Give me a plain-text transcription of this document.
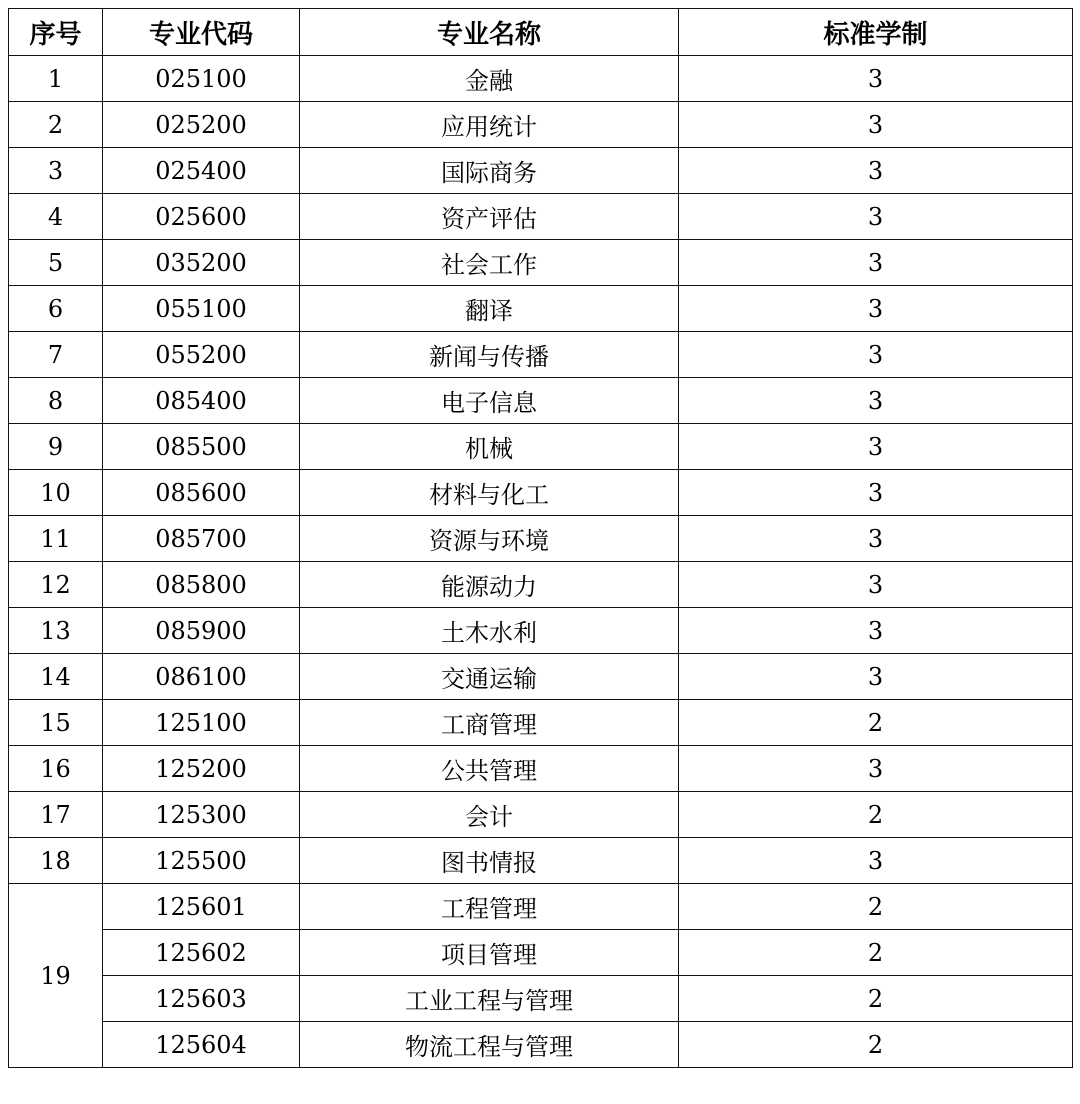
序号	专业代码	专业名称	标准学制
1	025100	金融	3
2	025200	应用统计	3
3	025400	国际商务	3
4	025600	资产评估	3
5	035200	社会工作	3
6	055100	翻译	3
7	055200	新闻与传播	3
8	085400	电子信息	3
9	085500	机械	3
10	085600	材料与化工	3
11	085700	资源与环境	3
12	085800	能源动力	3
13	085900	土木水利	3
14	086100	交通运输	3
15	125100	工商管理	2
16	125200	公共管理	3
17	125300	会计	2
18	125500	图书情报	3
19	125601	工程管理	2
	125602	项目管理	2
	125603	工业工程与管理	2
	125604	物流工程与管理	2
